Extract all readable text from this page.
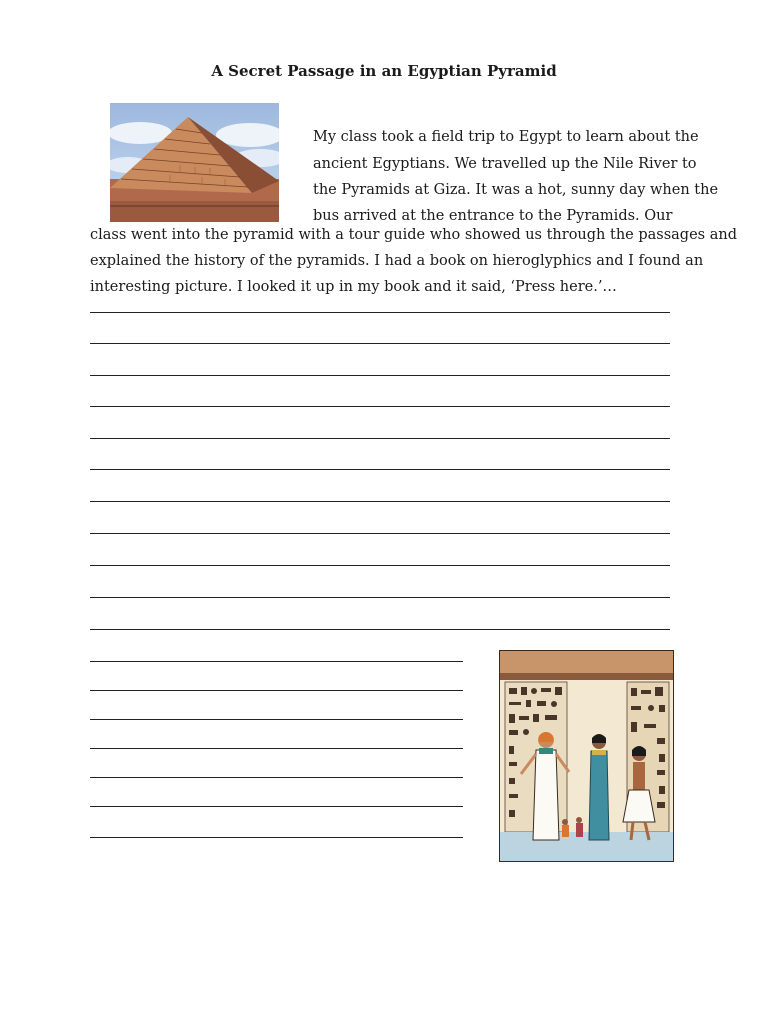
A Secret Passage in an Egyptian Pyramid
My class took a field trip to Egypt to learn about the
ancient Egyptians. We travelled up the Nile River to
the Pyramids at Giza. It was a hot, sunny day when the
bus arrived at the entrance to the Pyramids. Our
class went into the pyramid with a tour guide who showed us through the passages and
explained the history of the pyramids. I had a book on hieroglyphics and I found an
interesting picture. I looked it up in my book and it said, ‘Press here.’…
